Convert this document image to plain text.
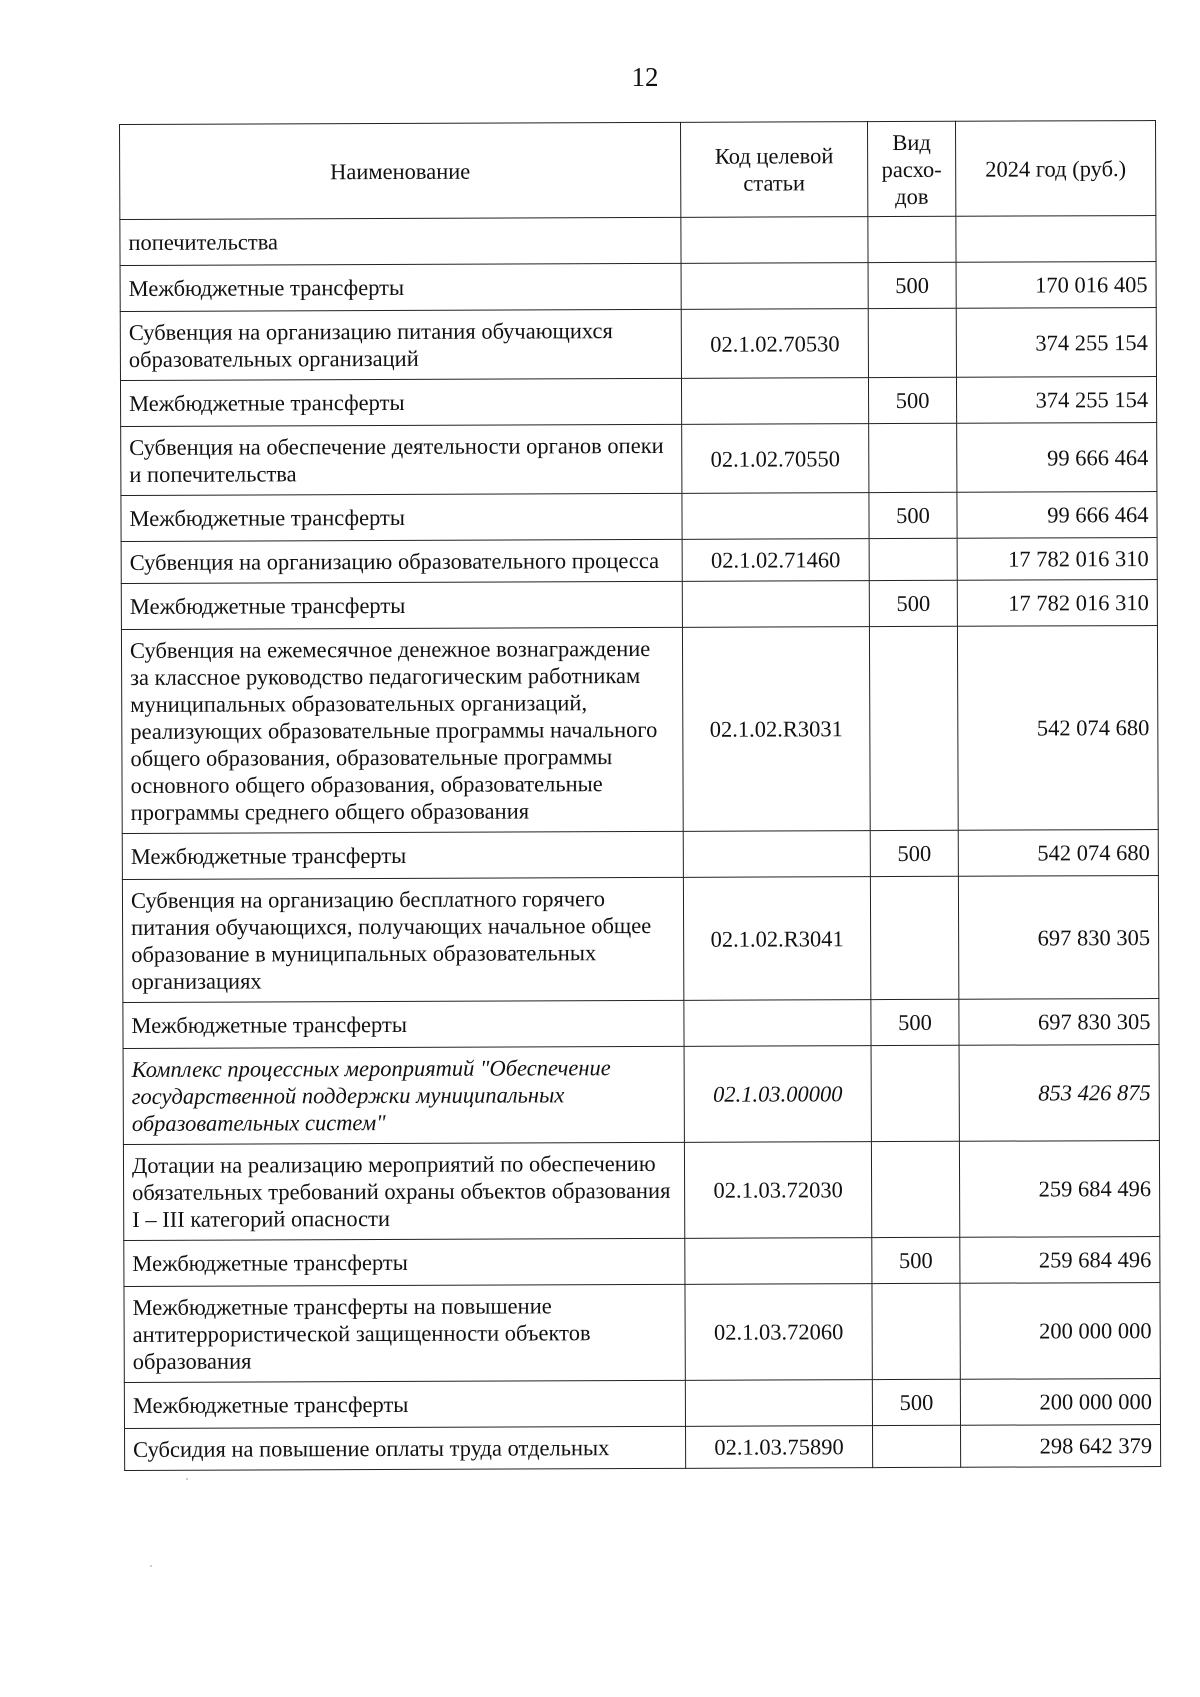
12
Наименование	Код целевой статьи	Вид расхо-дов	2024 год (руб.)
попечительства			
Межбюджетные трансферты		500	170 016 405
Субвенция на организацию питания обучающихся образовательных организаций	02.1.02.70530		374 255 154
Межбюджетные трансферты		500	374 255 154
Субвенция на обеспечение деятельности органов опеки и попечительства	02.1.02.70550		99 666 464
Межбюджетные трансферты		500	99 666 464
Субвенция на организацию образовательного процесса	02.1.02.71460		17 782 016 310
Межбюджетные трансферты		500	17 782 016 310
Субвенция на ежемесячное денежное вознаграждение за классное руководство педагогическим работникам муниципальных образовательных организаций, реализующих образовательные программы начального общего образования, образовательные программы основного общего образования, образовательные программы среднего общего образования	02.1.02.R3031		542 074 680
Межбюджетные трансферты		500	542 074 680
Субвенция на организацию бесплатного горячего питания обучающихся, получающих начальное общее образование в муниципальных образовательных организациях	02.1.02.R3041		697 830 305
Межбюджетные трансферты		500	697 830 305
Комплекс процессных мероприятий "Обеспечение государственной поддержки муниципальных образовательных систем"	02.1.03.00000		853 426 875
Дотации на реализацию мероприятий по обеспечению обязательных требований охраны объектов образования I – III категорий опасности	02.1.03.72030		259 684 496
Межбюджетные трансферты		500	259 684 496
Межбюджетные трансферты на повышение антитеррористической защищенности объектов образования	02.1.03.72060		200 000 000
Межбюджетные трансферты		500	200 000 000
Субсидия на повышение оплаты труда отдельных	02.1.03.75890		298 642 379
